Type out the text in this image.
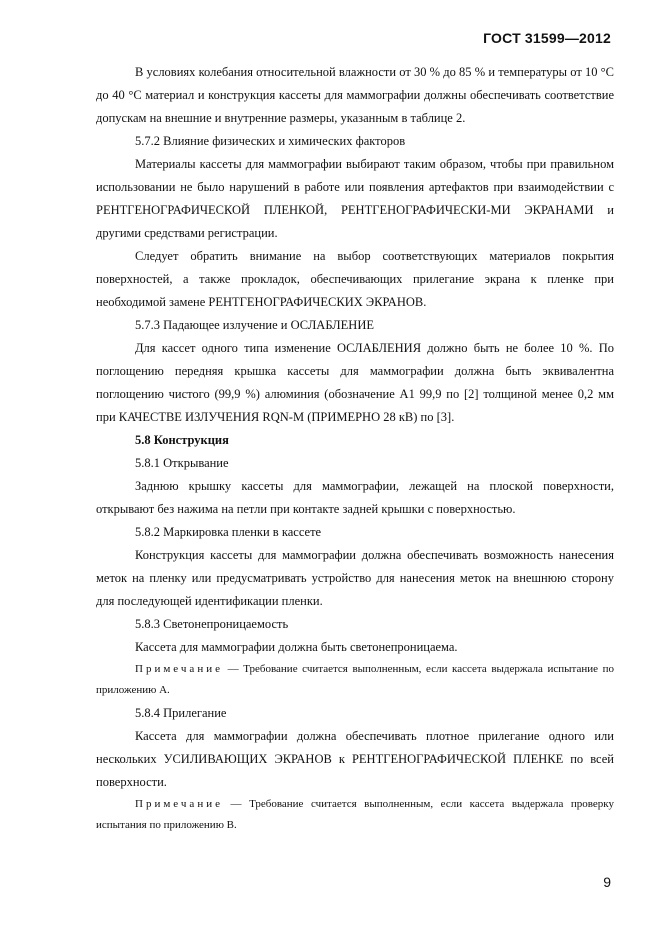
ГОСТ 31599—2012

В условиях колебания относительной влажности от 30 % до 85 % и температуры от 10 °С до 40 °С материал и конструкция кассеты для маммографии должны обеспечивать соответствие допускам на внешние и внутренние размеры, указанным в таблице 2.

5.7.2 Влияние физических и химических факторов

Материалы кассеты для маммографии выбирают таким образом, чтобы при правильном использовании не было нарушений в работе или появления артефактов при взаимодействии с РЕНТГЕНОГРАФИЧЕСКОЙ ПЛЕНКОЙ, РЕНТГЕНОГРАФИЧЕСКИ-МИ ЭКРАНАМИ и другими средствами регистрации.

Следует обратить внимание на выбор соответствующих материалов покрытия поверхностей, а также прокладок, обеспечивающих прилегание экрана к пленке при необходимой замене РЕНТГЕНОГРАФИЧЕСКИХ ЭКРАНОВ.

5.7.3 Падающее излучение и ОСЛАБЛЕНИЕ

Для кассет одного типа изменение ОСЛАБЛЕНИЯ должно быть не более 10 %. По поглощению передняя крышка кассеты для маммографии должна быть эквивалентна поглощению чистого (99,9 %) алюминия (обозначение А1 99,9 по [2] толщиной менее 0,2 мм при КАЧЕСТВЕ ИЗЛУЧЕНИЯ RQN-M (ПРИМЕРНО 28 кВ) по [3].

5.8 Конструкция

5.8.1 Открывание

Заднюю крышку кассеты для маммографии, лежащей на плоской поверхности, открывают без нажима на петли при контакте задней крышки с поверхностью.

5.8.2 Маркировка пленки в кассете

Конструкция кассеты для маммографии должна обеспечивать возможность нанесения меток на пленку или предусматривать устройство для нанесения меток на внешнюю сторону для последующей идентификации пленки.

5.8.3 Светонепроницаемость

Кассета для маммографии должна быть светонепроницаема.

Примечание — Требование считается выполненным, если кассета выдержала испытание по приложению А.

5.8.4 Прилегание

Кассета для маммографии должна обеспечивать плотное прилегание одного или нескольких УСИЛИВАЮЩИХ ЭКРАНОВ к РЕНТГЕНОГРАФИЧЕСКОЙ ПЛЕНКЕ по всей поверхности.

Примечание — Требование считается выполненным, если кассета выдержала проверку испытания по приложению В.

9
